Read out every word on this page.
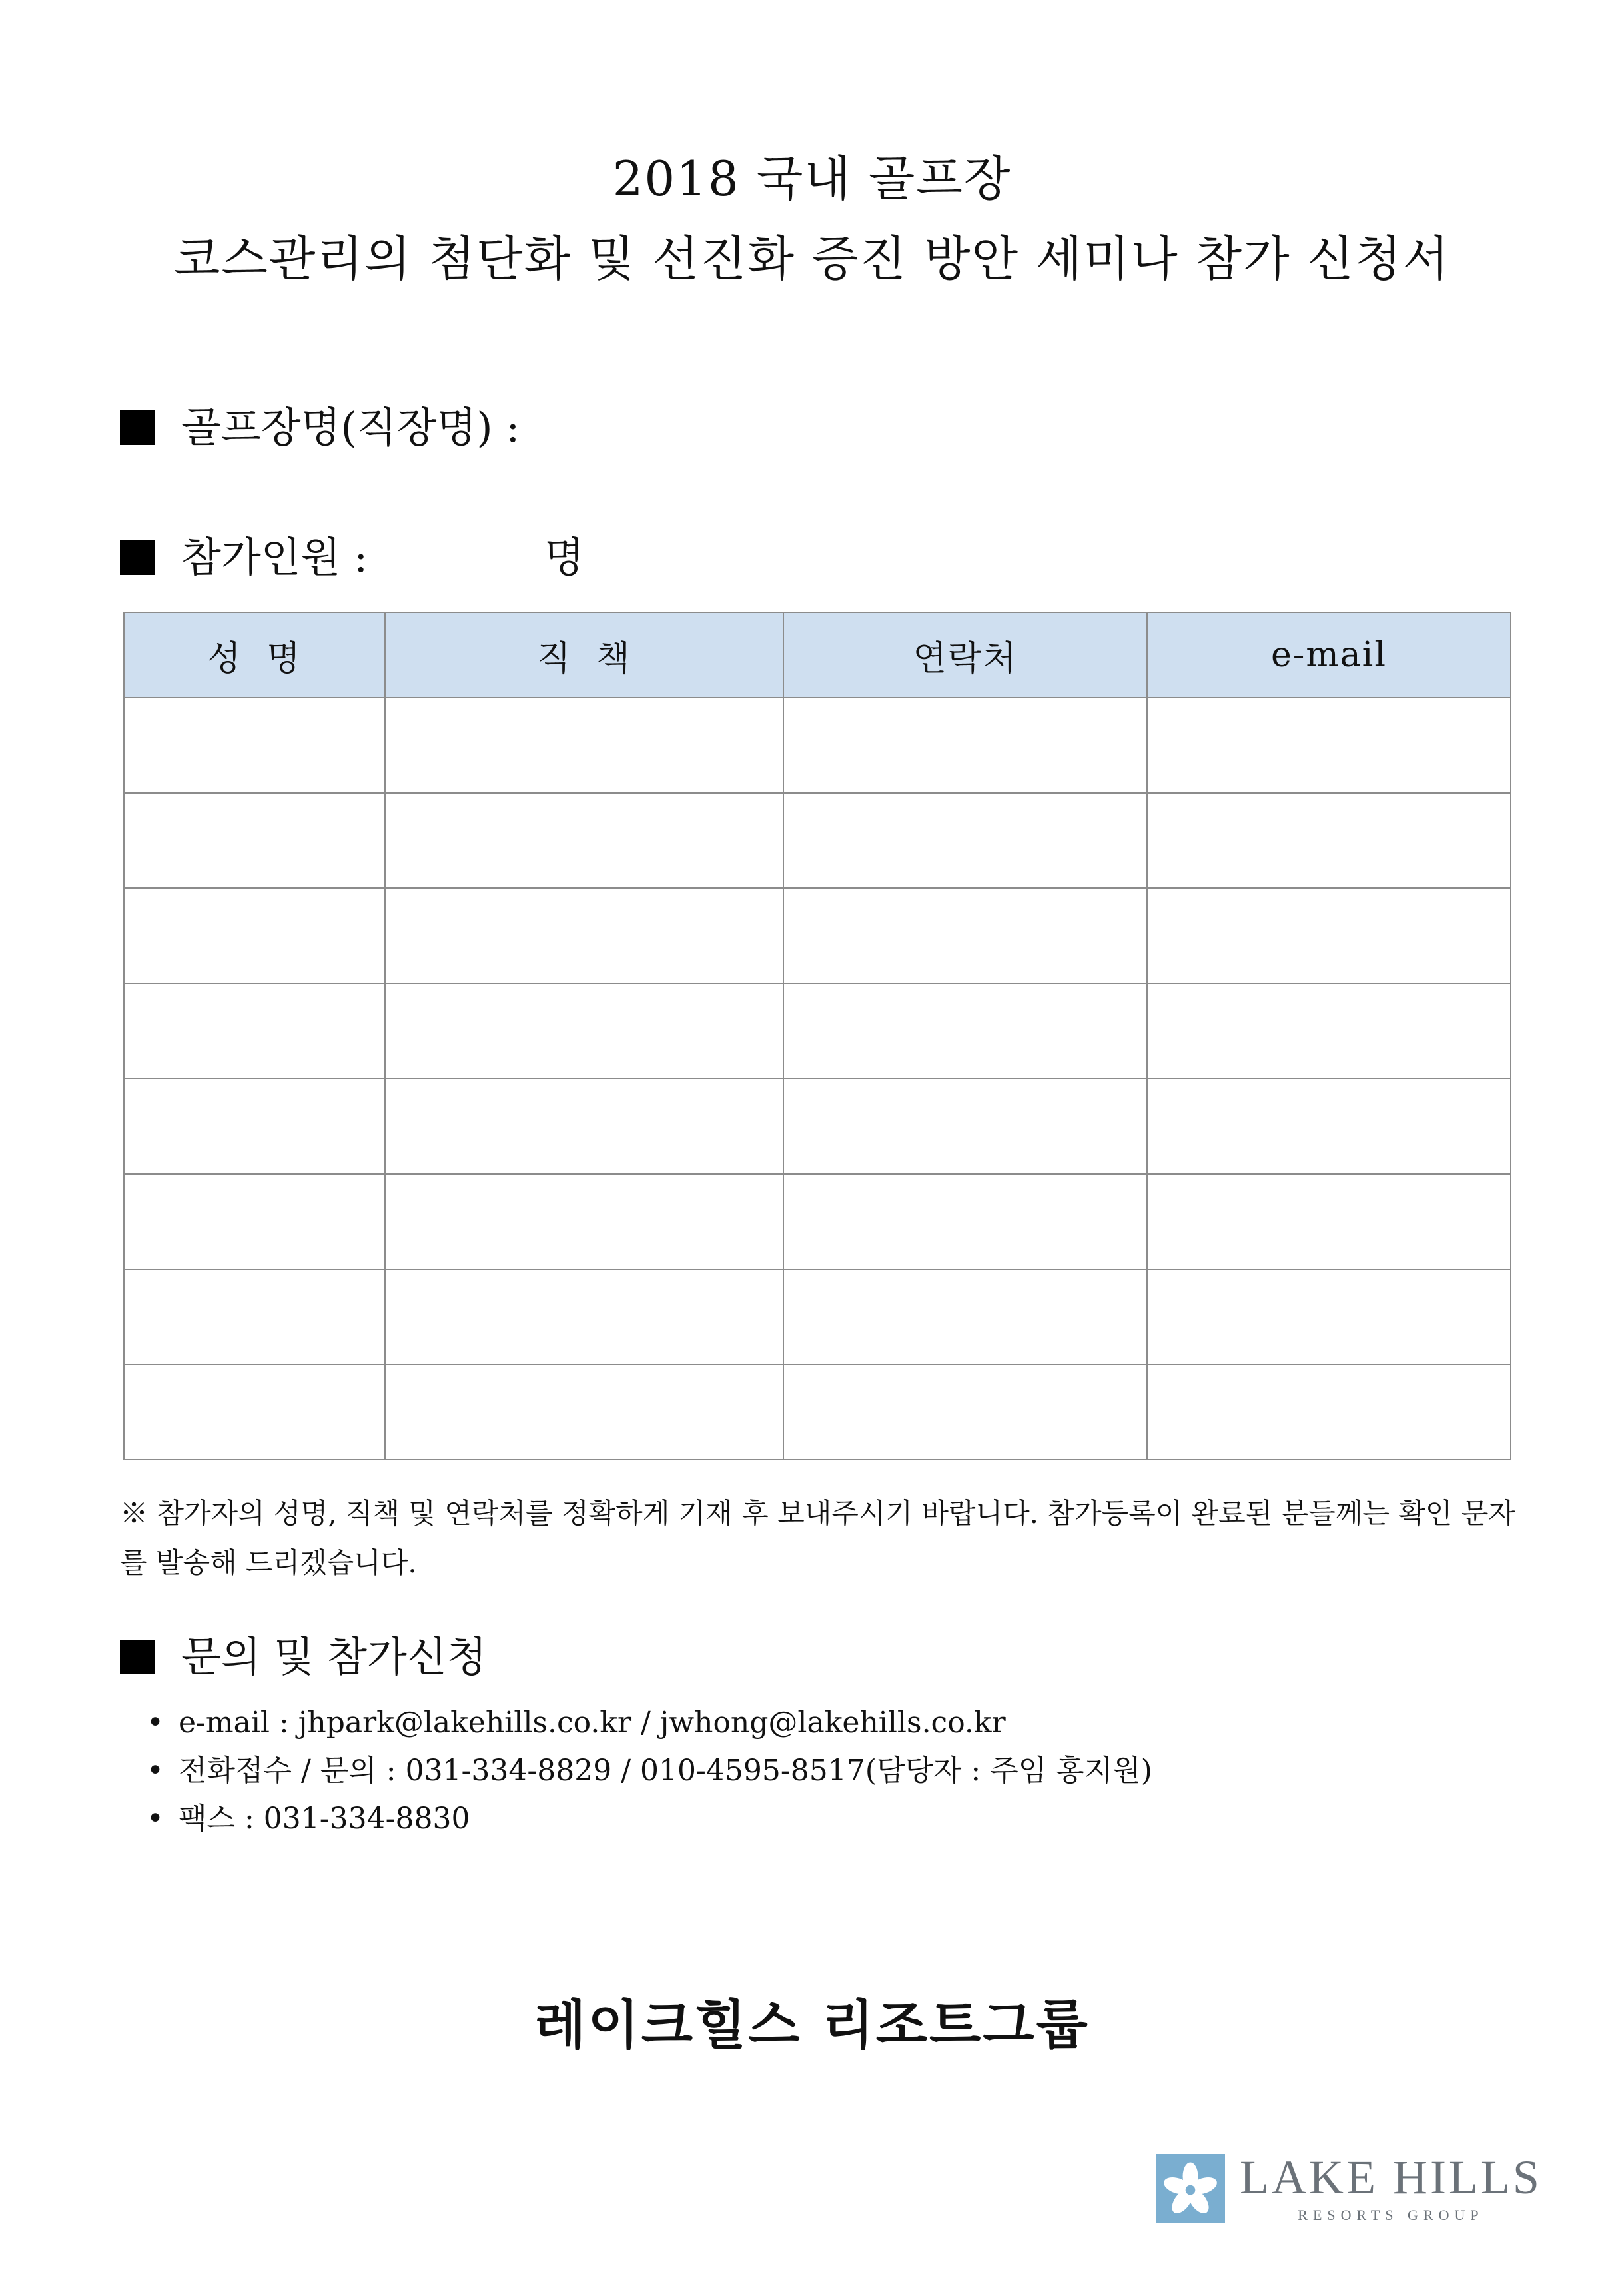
2018 국내 골프장
코스관리의 첨단화 및 선진화 증진 방안 세미나 참가 신청서
골프장명(직장명) :
참가인원 :	명
성  명	직  책	연락처	e-mail

※ 참가자의 성명, 직책 및 연락처를 정확하게 기재 후 보내주시기 바랍니다. 참가등록이 완료된 분들께는 확인 문자를 발송해 드리겠습니다.
문의 및 참가신청
• e-mail : jhpark@lakehills.co.kr / jwhong@lakehills.co.kr
• 전화접수 / 문의 : 031-334-8829 / 010-4595-8517(담당자 : 주임 홍지원)
• 팩스 : 031-334-8830
레이크힐스 리조트그룹
LAKE HILLS
RESORTS GROUP
